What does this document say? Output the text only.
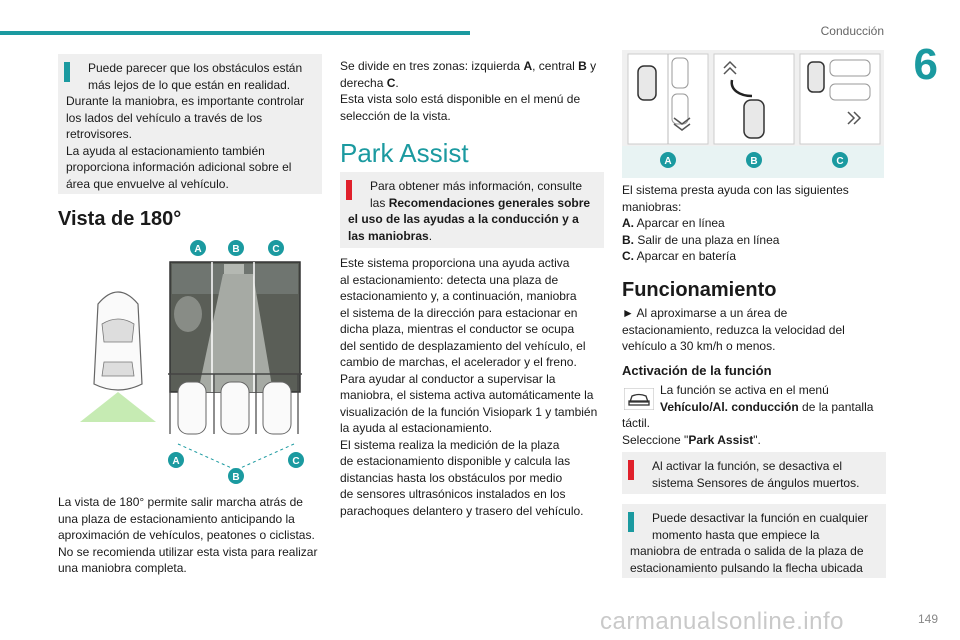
Conducción
6

Puede parecer que los obstáculos están

más lejos de lo que están en realidad.

Durante la maniobra, es importante controlar

los lados del vehículo a través de los

retrovisores.

La ayuda al estacionamiento también

proporciona información adicional sobre el

área que envuelve al vehículo.

Vista de 180°
A	B	C
A
B
C

La vista de 180° permite salir marcha atrás de

una plaza de estacionamiento anticipando la

aproximación de vehículos, peatones o ciclistas.

No se recomienda utilizar esta vista para realizar

una maniobra completa.

Se divide en tres zonas: izquierda A, central B y

derecha C.

Esta vista solo está disponible en el menú de

selección de la vista.

Park Assist

Para obtener más información, consulte

las Recomendaciones generales sobre

el uso de las ayudas a la conducción y a

las maniobras.

Este sistema proporciona una ayuda activa

al estacionamiento: detecta una plaza de

estacionamiento y, a continuación, maniobra

el sistema de la dirección para estacionar en

dicha plaza, mientras el conductor se ocupa

del sentido de desplazamiento del vehículo, el

cambio de marchas, el acelerador y el freno.

Para ayudar al conductor a supervisar la

maniobra, el sistema activa automáticamente la

visualización de la función Visiopark 1 y también

la ayuda al estacionamiento.

El sistema realiza la medición de la plaza

de estacionamiento disponible y calcula las

distancias hasta los obstáculos por medio

de sensores ultrasónicos instalados en los

parachoques delantero y trasero del vehículo.

A	B	C

El sistema presta ayuda con las siguientes

maniobras:

A. Aparcar en línea

B. Salir de una plaza en línea

C. Aparcar en batería

Funcionamiento

► Al aproximarse a un área de

estacionamiento, reduzca la velocidad del

vehículo a 30 km/h o menos.

Activación de la función

La función se activa en el menú

Vehículo/Al. conducción de la pantalla

táctil.

Seleccione "Park Assist".

Al activar la función, se desactiva el

sistema Sensores de ángulos muertos.

Puede desactivar la función en cualquier

momento hasta que empiece la

maniobra de entrada o salida de la plaza de

estacionamiento pulsando la flecha ubicada

carmanualsonline.info	149
